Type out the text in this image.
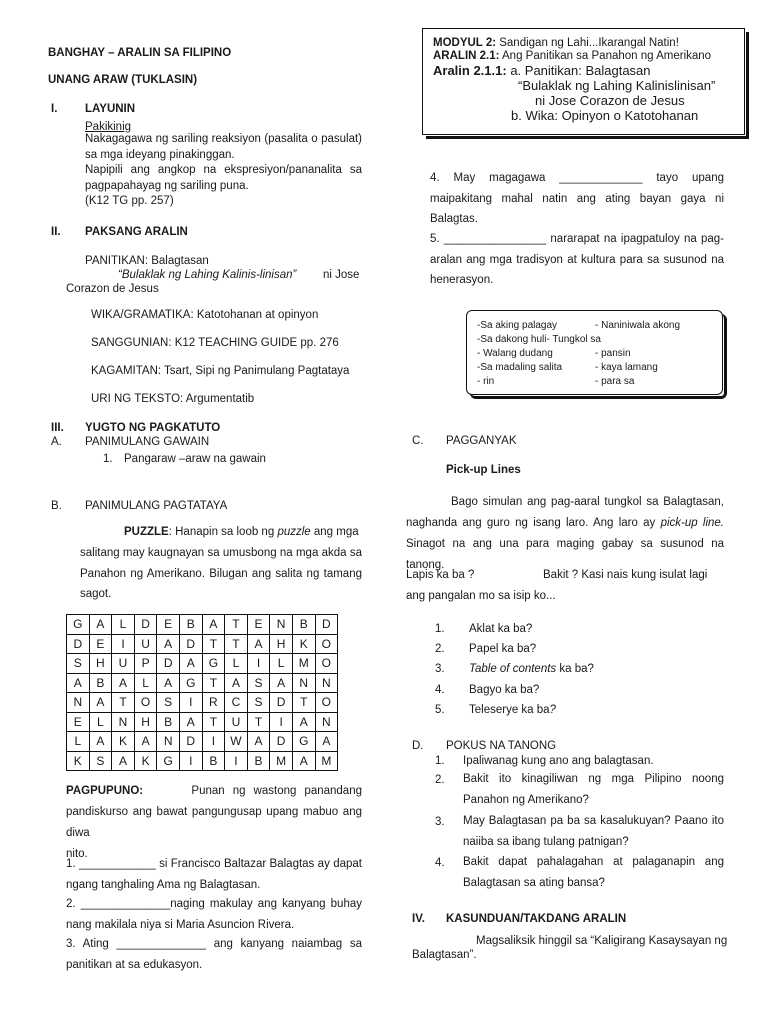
BANGHAY – ARALIN SA FILIPINO
UNANG ARAW (TUKLASIN)
I. LAYUNIN
Pakikinig
Nakagagawa ng sariling reaksiyon (pasalita o pasulat)
sa mga ideyang pinakinggan.
Napipili ang angkop na ekspresiyon/pananalita sa
pagpapahayag ng sariling puna.
(K12 TG pp. 257)
II. PAKSANG ARALIN
PANITIKAN: Balagtasan
“Bulaklak ng Lahing Kalinis-linisan” ni Jose
Corazon de Jesus
WIKA/GRAMATIKA: Katotohanan at opinyon
SANGGUNIAN: K12 TEACHING GUIDE pp. 276
KAGAMITAN: Tsart, Sipi ng Panimulang Pagtataya
URI NG TEKSTO: Argumentatib
III. YUGTO NG PAGKATUTO
A. PANIMULANG GAWAIN
1. Pangaraw –araw na gawain
B. PANIMULANG PAGTATAYA
PUZZLE: Hanapin sa loob ng puzzle ang mga
salitang may kaugnayan sa umusbong na mga akda sa
Panahon ng Amerikano. Bilugan ang salita ng tamang
sagot.
G	A	L	D	E	B	A	T	E	N	B	D
D	E	I	U	A	D	T	T	A	H	K	O
S	H	U	P	D	A	G	L	I	L	M	O
A	B	A	L	A	G	T	A	S	A	N	N
N	A	T	O	S	I	R	C	S	D	T	O
E	L	N	H	B	A	T	U	T	I	A	N
L	A	K	A	N	D	I	W	A	D	G	A
K	S	A	K	G	I	B	I	B	M	A	M
PAGPUPUNO:	Punan ng wastong panandang
pandiskurso ang bawat pangungusap upang mabuo ang diwa
nito.
1. ____________ si Francisco Baltazar Balagtas ay dapat
ngang tanghaling Ama ng Balagtasan.
2. ______________naging makulay ang kanyang buhay
nang makilala niya si Maria Asuncion Rivera.
3. Ating ______________ ang kanyang naiambag sa
panitikan at sa edukasyon.
MODYUL 2: Sandigan ng Lahi...Ikarangal Natin!
ARALIN 2.1: Ang Panitikan sa Panahon ng Amerikano
Aralin 2.1.1: a. Panitikan: Balagtasan
“Bulaklak ng Lahing Kalinislinisan”
ni Jose Corazon de Jesus
b. Wika: Opinyon o Katotohanan
4. May magagawa _____________ tayo upang
maipakitang mahal natin ang ating bayan gaya ni
Balagtas.
5. ________________ nararapat na ipagpatuloy na pag-
aralan ang mga tradisyon at kultura para sa susunod na
henerasyon.
-Sa aking palagay	- Naniniwala akong
-Sa dakong huli- Tungkol sa
- Walang dudang	- pansin
-Sa madaling salita	- kaya lamang
- rin	- para sa
C. PAGGANYAK
Pick-up Lines
Bago simulan ang pag-aaral tungkol sa Balagtasan,
naghanda ang guro ng isang laro. Ang laro ay pick-up line.
Sinagot na ang una para maging gabay sa susunod na tanong.
Lapis ka ba ?	Bakit ? Kasi nais kung isulat lagi
ang pangalan mo sa isip ko...
1. Aklat ka ba?
2. Papel ka ba?
3. Table of contents ka ba?
4. Bagyo ka ba?
5. Teleserye ka ba?
D. POKUS NA TANONG
1. Ipaliwanag kung ano ang balagtasan.
2. Bakit ito kinagiliwan ng mga Pilipino noong
Panahon ng Amerikano?
3. May Balagtasan pa ba sa kasalukuyan? Paano ito
naiiba sa ibang tulang patnigan?
4. Bakit dapat pahalagahan at palaganapin ang
Balagtasan sa ating bansa?
IV. KASUNDUAN/TAKDANG ARALIN
Magsaliksik hinggil sa “Kaligirang Kasaysayan ng
Balagtasan”.
